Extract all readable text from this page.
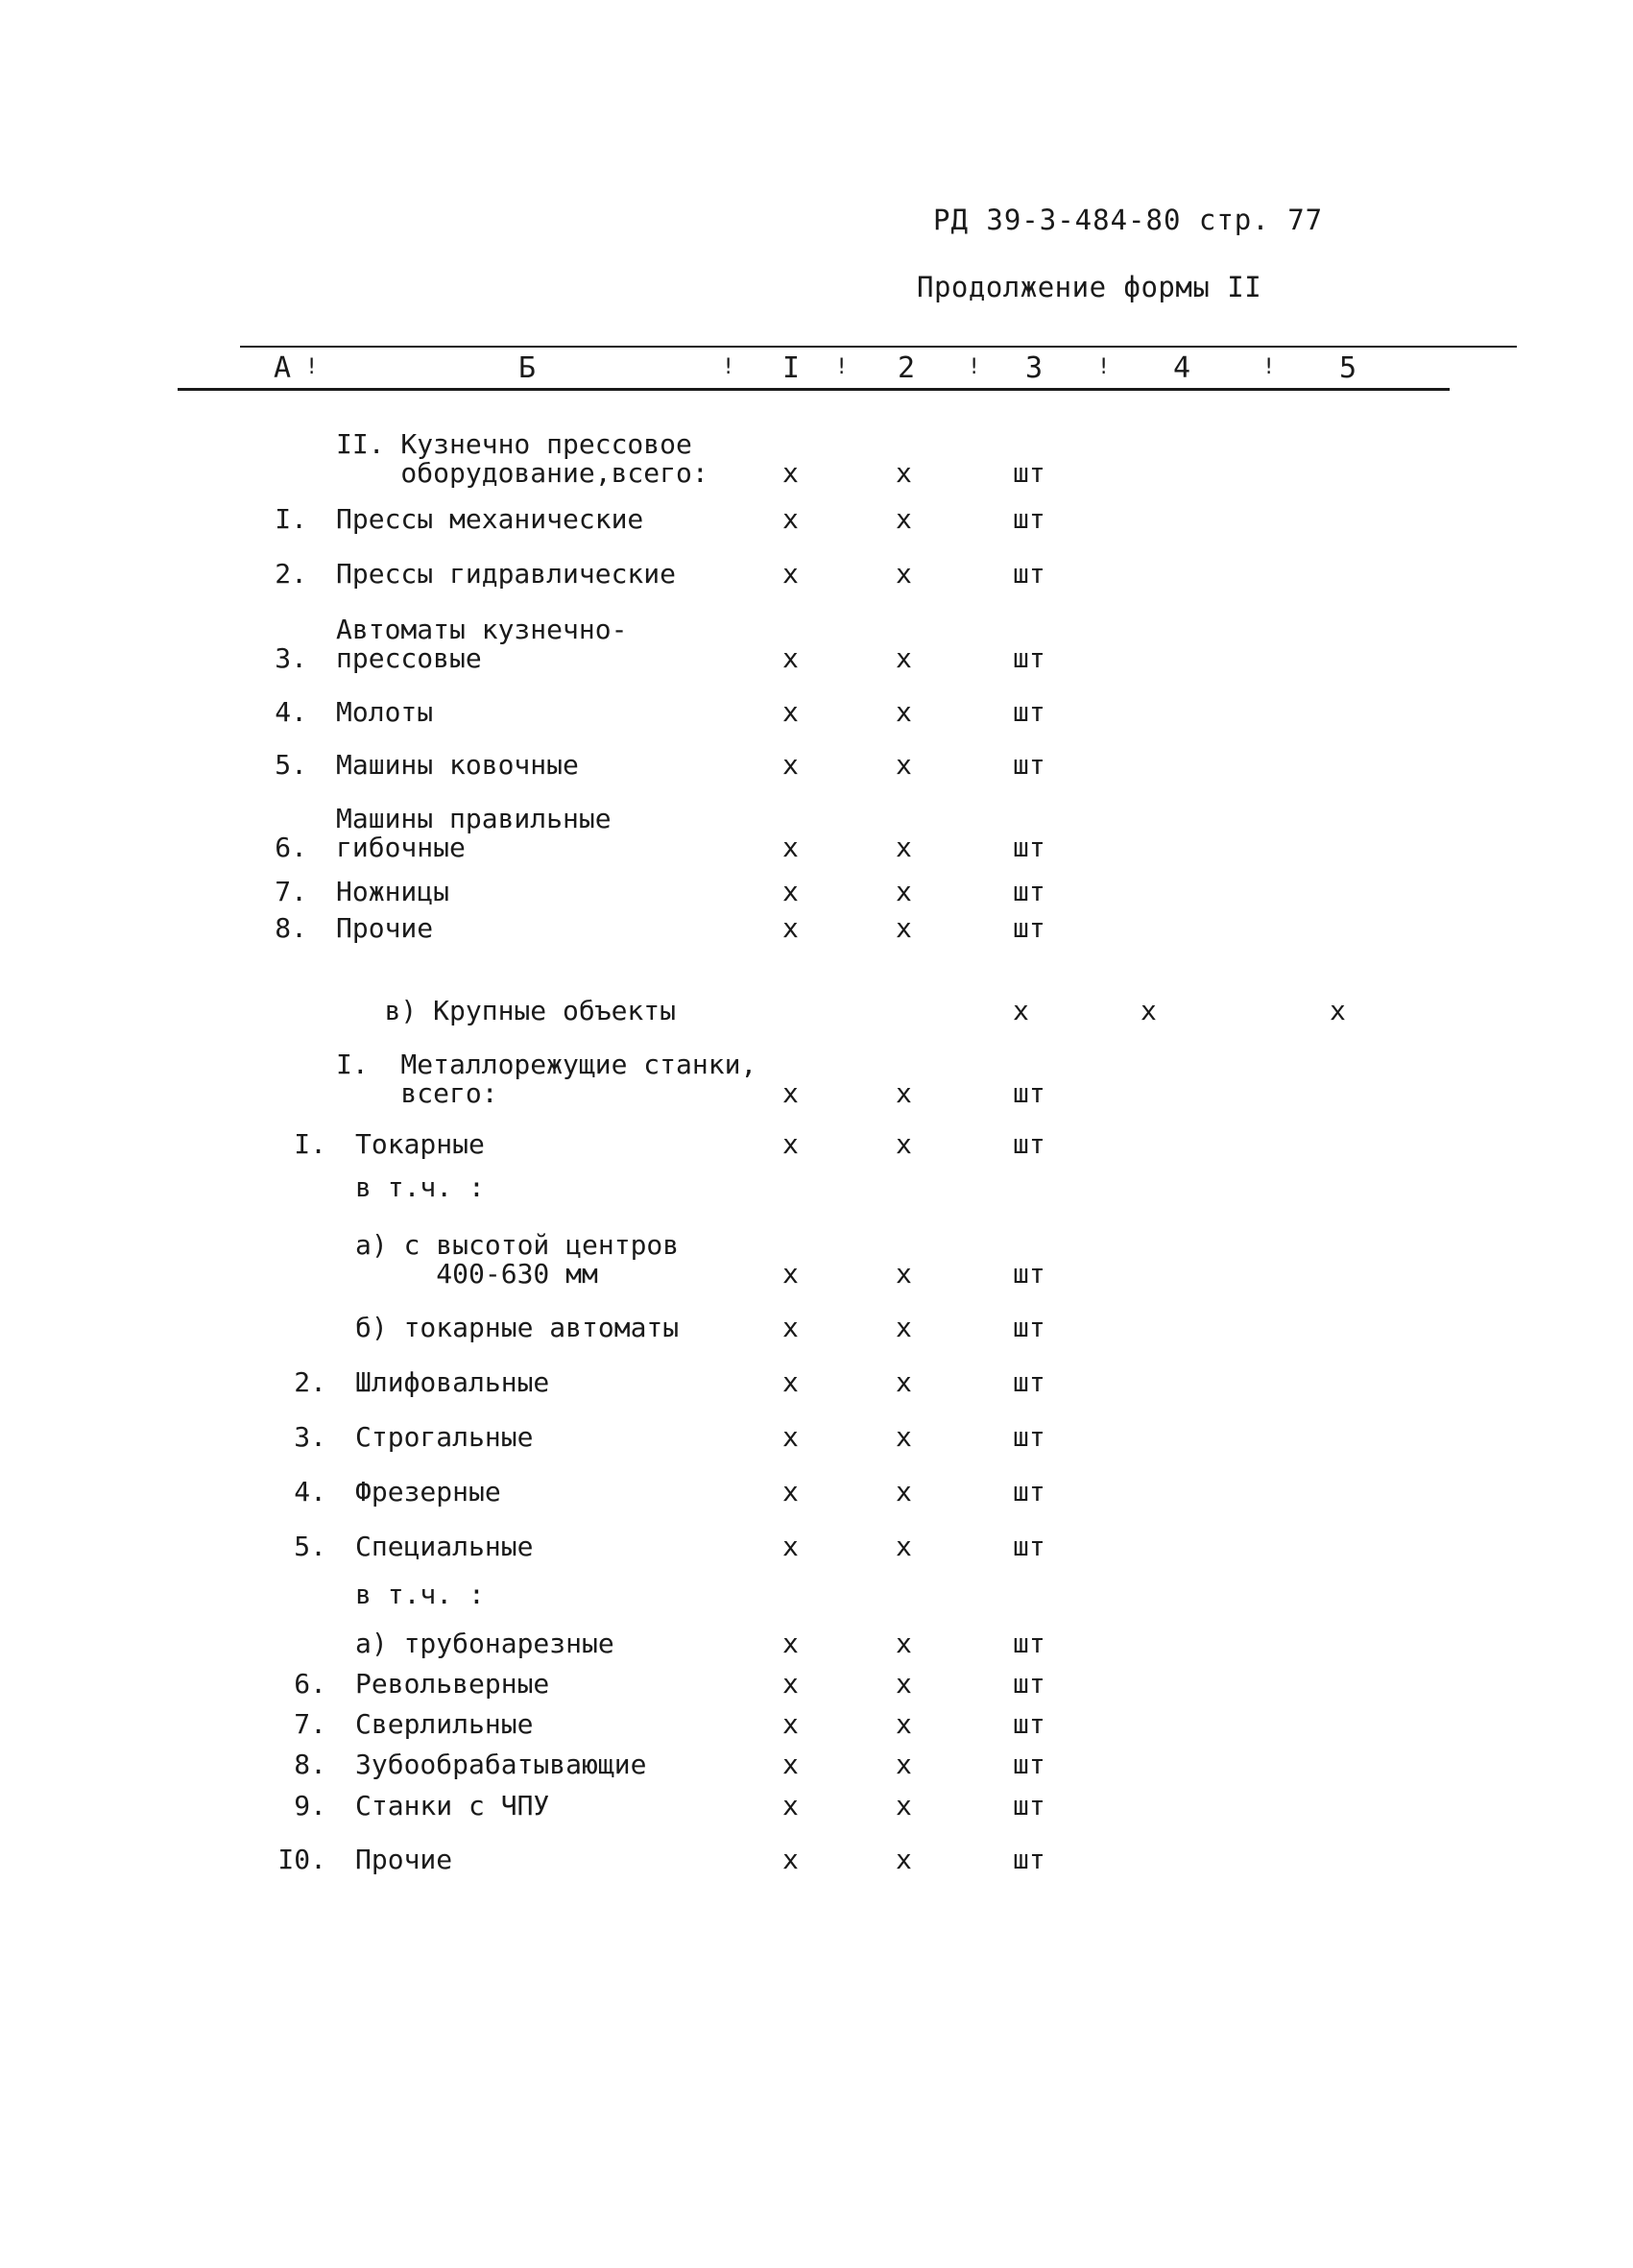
РД 39-3-484-80 стр. 77
Продолжение формы II
А !	Б	! I ! 2 ! 3	! 4	! 5
II. Кузнечно прессовое
оборудование,всего:	х	х	шт
I. Прессы механические	х	х	шт
2. Прессы гидравлические	х	х	шт
3.
Автоматы кузнечно-
прессовые	х	х	шт
4. Молоты	х	х	шт
5. Машины ковочные	х	х	шт
6.
Машины правильные
гибочные	х	х	шт
7. Ножницы	х	х	шт
8. Прочие	х	х	шт
в) Крупные объекты	х	х	х
I.  Металлорежущие станки,
всего:	х	х	шт
I. Токарные	х	х	шт
в т.ч. :
а) с высотой центров
400-630 мм	х	х	шт
б) токарные автоматы	х	х	шт
2. Шлифовальные	х	х	шт
3. Строгальные	х	х	шт
4. Фрезерные	х	х	шт
5. Специальные	х	х	шт
в т.ч. :
а) трубонарезные	х	х	шт
6. Револьверные	х	х	шт
7. Сверлильные	х	х	шт
8. Зубообрабатывающие	х	х	шт
9. Станки с ЧПУ	х	х	шт
I0. Прочие	х	х	шт
